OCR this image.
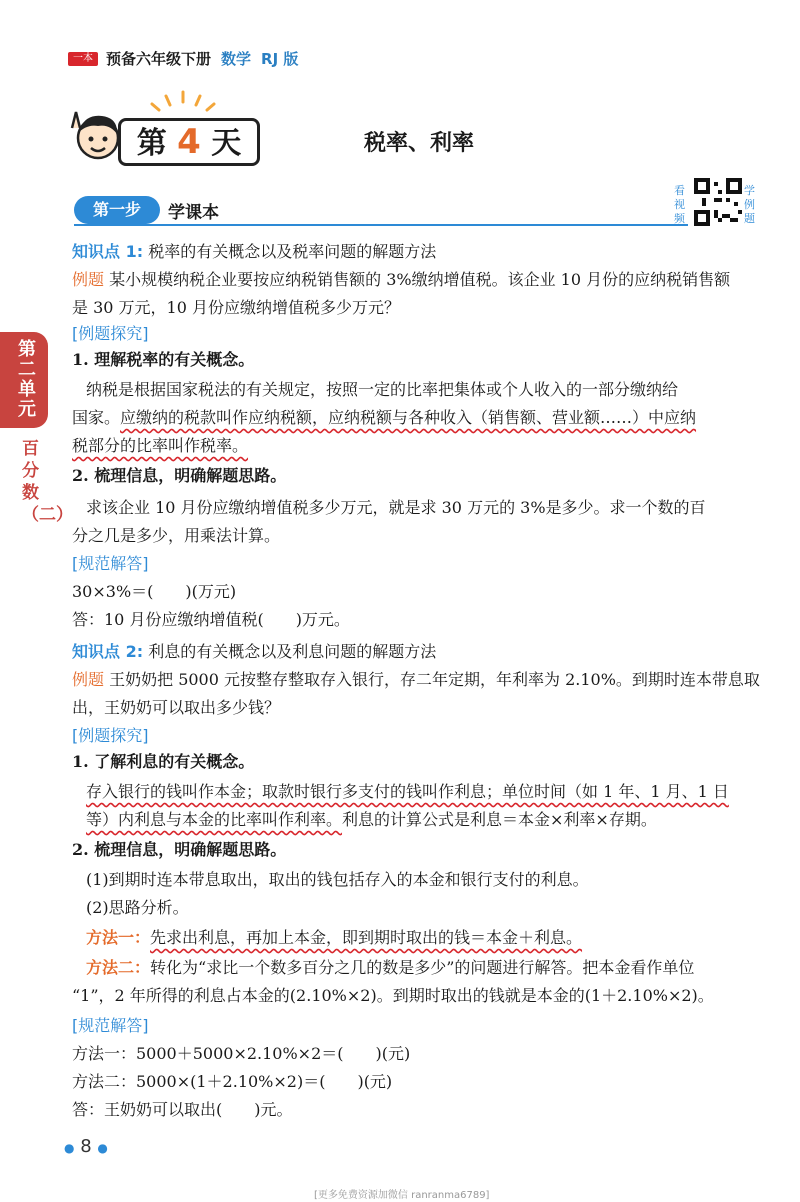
一本 预备六年级下册 数学 RJ 版
第 4 天	税率、利率
第一步	学课本
看视频
学例题
第二单元
百分数（二）
知识点 1: 税率的有关概念以及税率问题的解题方法
例题 某小规模纳税企业要按应纳税销售额的 3%缴纳增值税。该企业 10 月份的应纳税销售额
是 30 万元，10 月份应缴纳增值税多少万元？
[例题探究]
1. 理解税率的有关概念。
纳税是根据国家税法的有关规定，按照一定的比率把集体或个人收入的一部分缴纳给
国家。应缴纳的税款叫作应纳税额，应纳税额与各种收入（销售额、营业额……）中应纳
税部分的比率叫作税率。
2. 梳理信息，明确解题思路。
求该企业 10 月份应缴纳增值税多少万元，就是求 30 万元的 3%是多少。求一个数的百
分之几是多少，用乘法计算。
[规范解答]
30×3%＝(　　)(万元)
答：10 月份应缴纳增值税(　　)万元。
知识点 2: 利息的有关概念以及利息问题的解题方法
例题 王奶奶把 5000 元按整存整取存入银行，存二年定期，年利率为 2.10%。到期时连本带息取
出，王奶奶可以取出多少钱？
[例题探究]
1. 了解利息的有关概念。
存入银行的钱叫作本金；取款时银行多支付的钱叫作利息；单位时间（如 1 年、1 月、1 日
等）内利息与本金的比率叫作利率。利息的计算公式是利息＝本金×利率×存期。
2. 梳理信息，明确解题思路。
(1)到期时连本带息取出，取出的钱包括存入的本金和银行支付的利息。
(2)思路分析。
方法一：先求出利息，再加上本金，即到期时取出的钱＝本金＋利息。
方法二：转化为“求比一个数多百分之几的数是多少”的问题进行解答。把本金看作单位
“1”，2 年所得的利息占本金的(2.10%×2)。到期时取出的钱就是本金的(1＋2.10%×2)。
[规范解答]
方法一：5000＋5000×2.10%×2＝(　　)(元)
方法二：5000×(1＋2.10%×2)＝(　　)(元)
答：王奶奶可以取出(　　)元。
● 8 ●
[更多免费资源加微信 ranranma6789]
